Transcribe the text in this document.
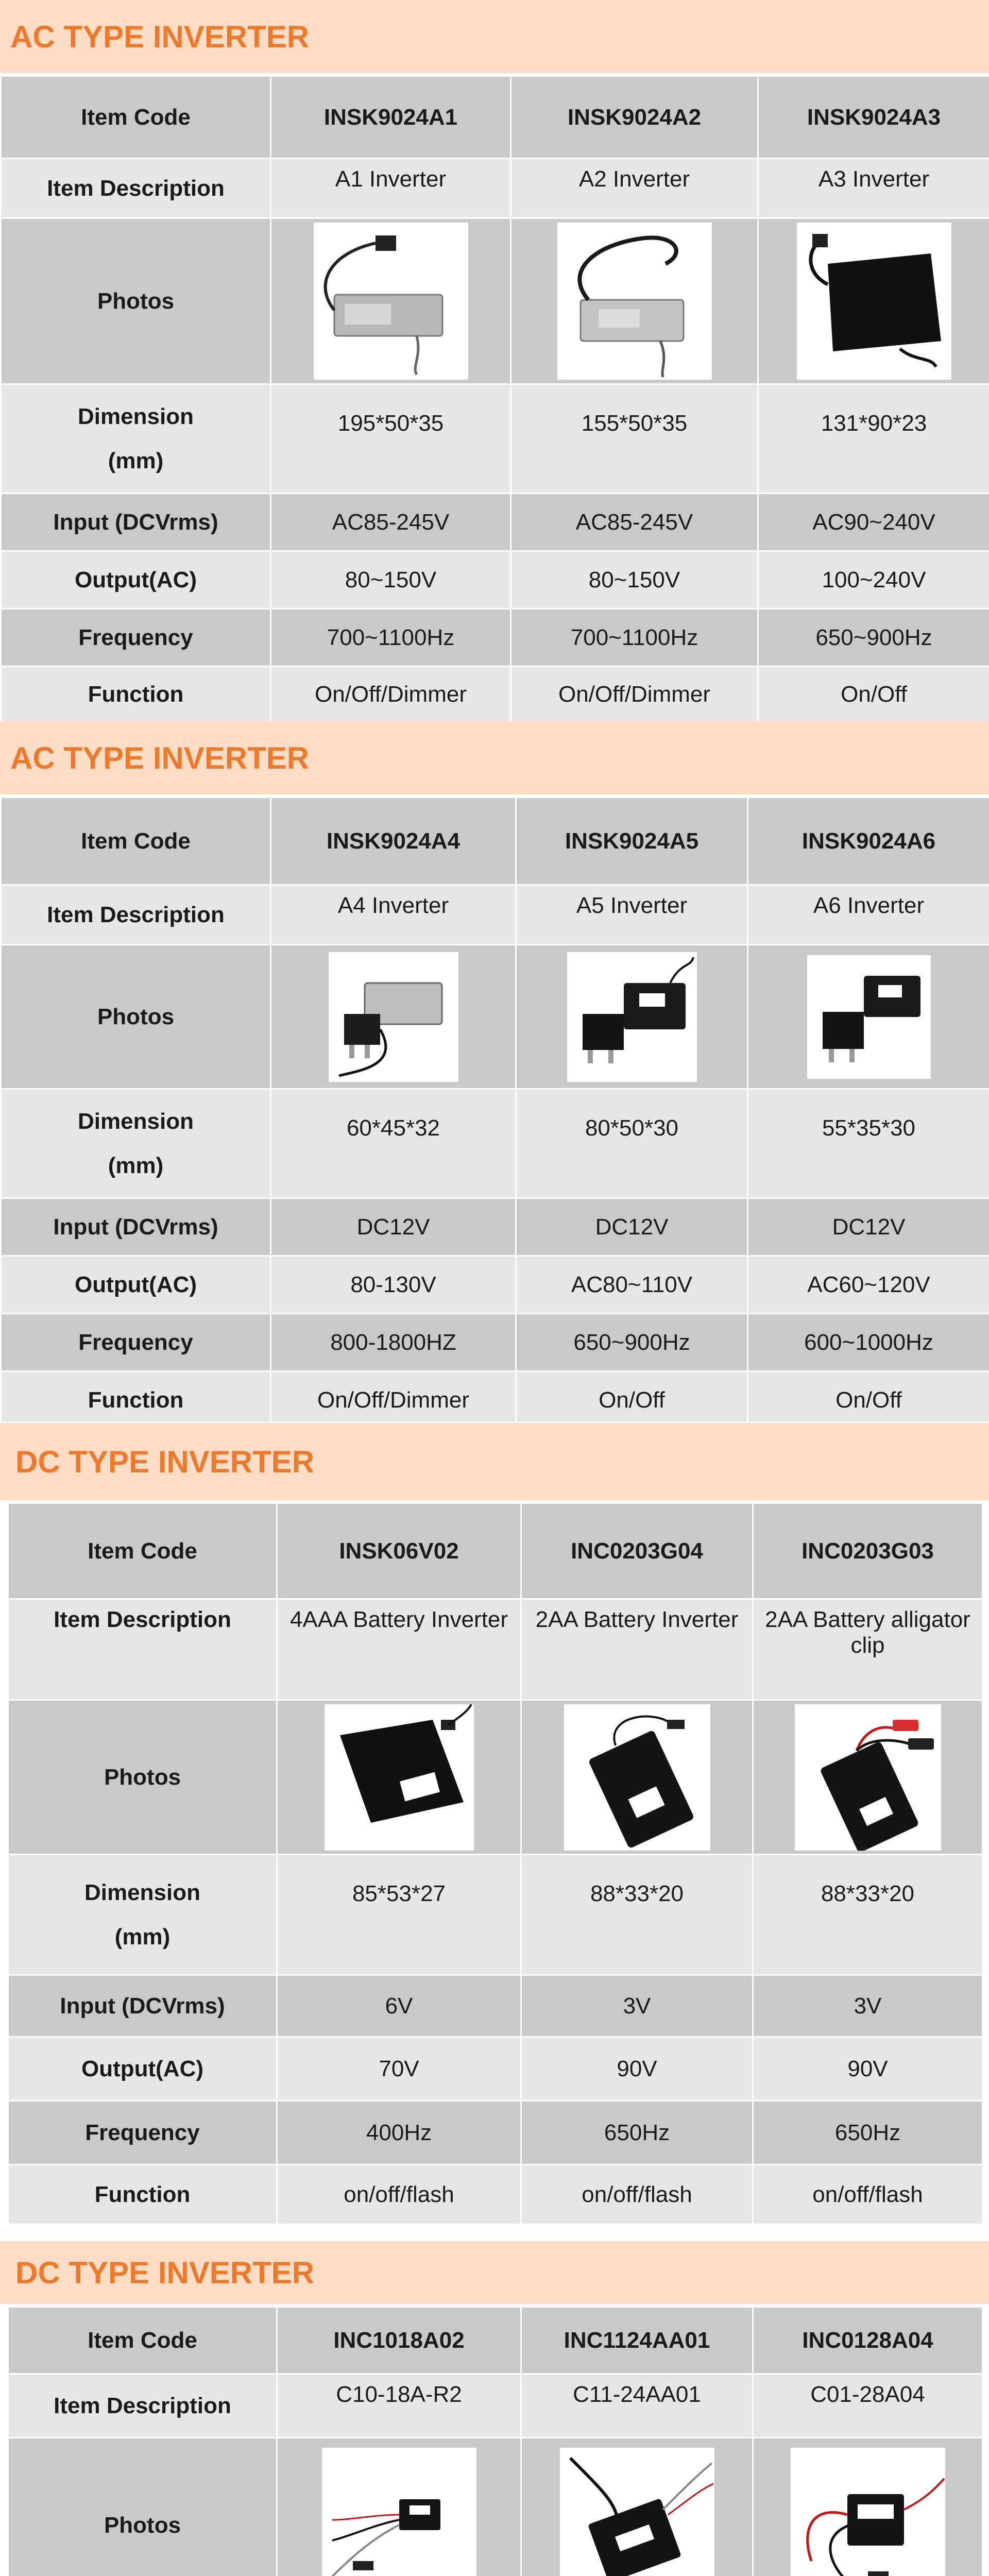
AC TYPE INVERTER
Item Code	INSK9024A1	INSK9024A2	INSK9024A3
Item Description	A1 Inverter	A2 Inverter	A3 Inverter
Photos	

Dimension
(mm)	195*50*35	155*50*35	131*90*23
Input (DCVrms)	AC85-245V	AC85-245V	AC90~240V
Output(AC)	80~150V	80~150V	100~240V
Frequency	700~1100Hz	700~1100Hz	650~900Hz
Function	On/Off/Dimmer	On/Off/Dimmer	On/Off
AC TYPE INVERTER
Item Code	INSK9024A4	INSK9024A5	INSK9024A6
Item Description	A4 Inverter	A5 Inverter	A6 Inverter
Photos	

Dimension
(mm)	60*45*32	80*50*30	55*35*30
Input (DCVrms)	DC12V	DC12V	DC12V
Output(AC)	80-130V	AC80~110V	AC60~120V
Frequency	800-1800HZ	650~900Hz	600~1000Hz
Function	On/Off/Dimmer	On/Off	On/Off
DC TYPE INVERTER
Item Code	INSK06V02	INC0203G04	INC0203G03
Item Description	4AAA Battery Inverter	2AA Battery Inverter	2AA Battery alligator clip
Photos	

Dimension
(mm)	85*53*27	88*33*20	88*33*20
Input (DCVrms)	6V	3V	3V
Output(AC)	70V	90V	90V
Frequency	400Hz	650Hz	650Hz
Function	on/off/flash	on/off/flash	on/off/flash
DC TYPE INVERTER
Item Code	INC1018A02	INC1124AA01	INC0128A04
Item Description	C10-18A-R2	C11-24AA01	C01-28A04
Photos	
